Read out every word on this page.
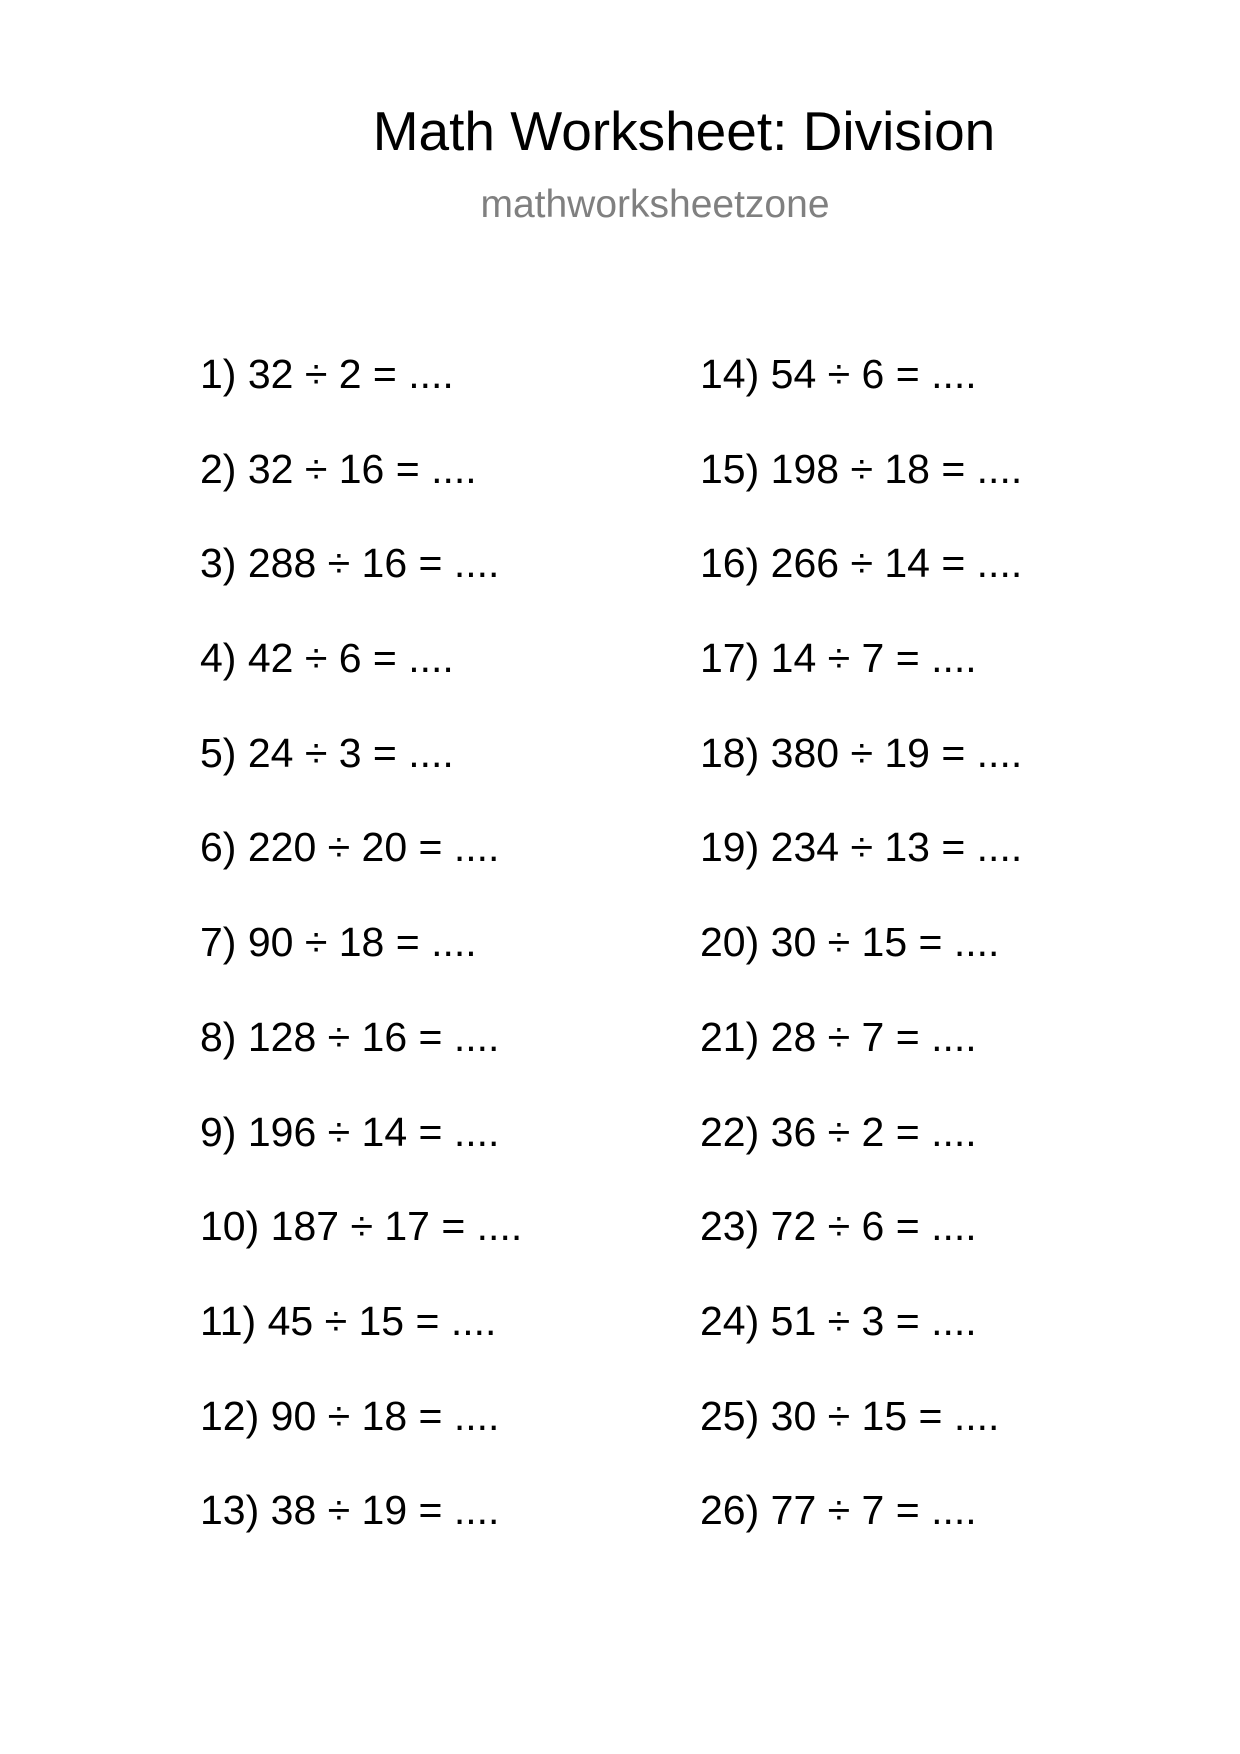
Math Worksheet: Division
mathworksheetzone
1) 32 ÷ 2 = ....
2) 32 ÷ 16 = ....
3) 288 ÷ 16 = ....
4) 42 ÷ 6 = ....
5) 24 ÷ 3 = ....
6) 220 ÷ 20 = ....
7) 90 ÷ 18 = ....
8) 128 ÷ 16 = ....
9) 196 ÷ 14 = ....
10) 187 ÷ 17 = ....
11) 45 ÷ 15 = ....
12) 90 ÷ 18 = ....
13) 38 ÷ 19 = ....
14) 54 ÷ 6 = ....
15) 198 ÷ 18 = ....
16) 266 ÷ 14 = ....
17) 14 ÷ 7 = ....
18) 380 ÷ 19 = ....
19) 234 ÷ 13 = ....
20) 30 ÷ 15 = ....
21) 28 ÷ 7 = ....
22) 36 ÷ 2 = ....
23) 72 ÷ 6 = ....
24) 51 ÷ 3 = ....
25) 30 ÷ 15 = ....
26) 77 ÷ 7 = ....
